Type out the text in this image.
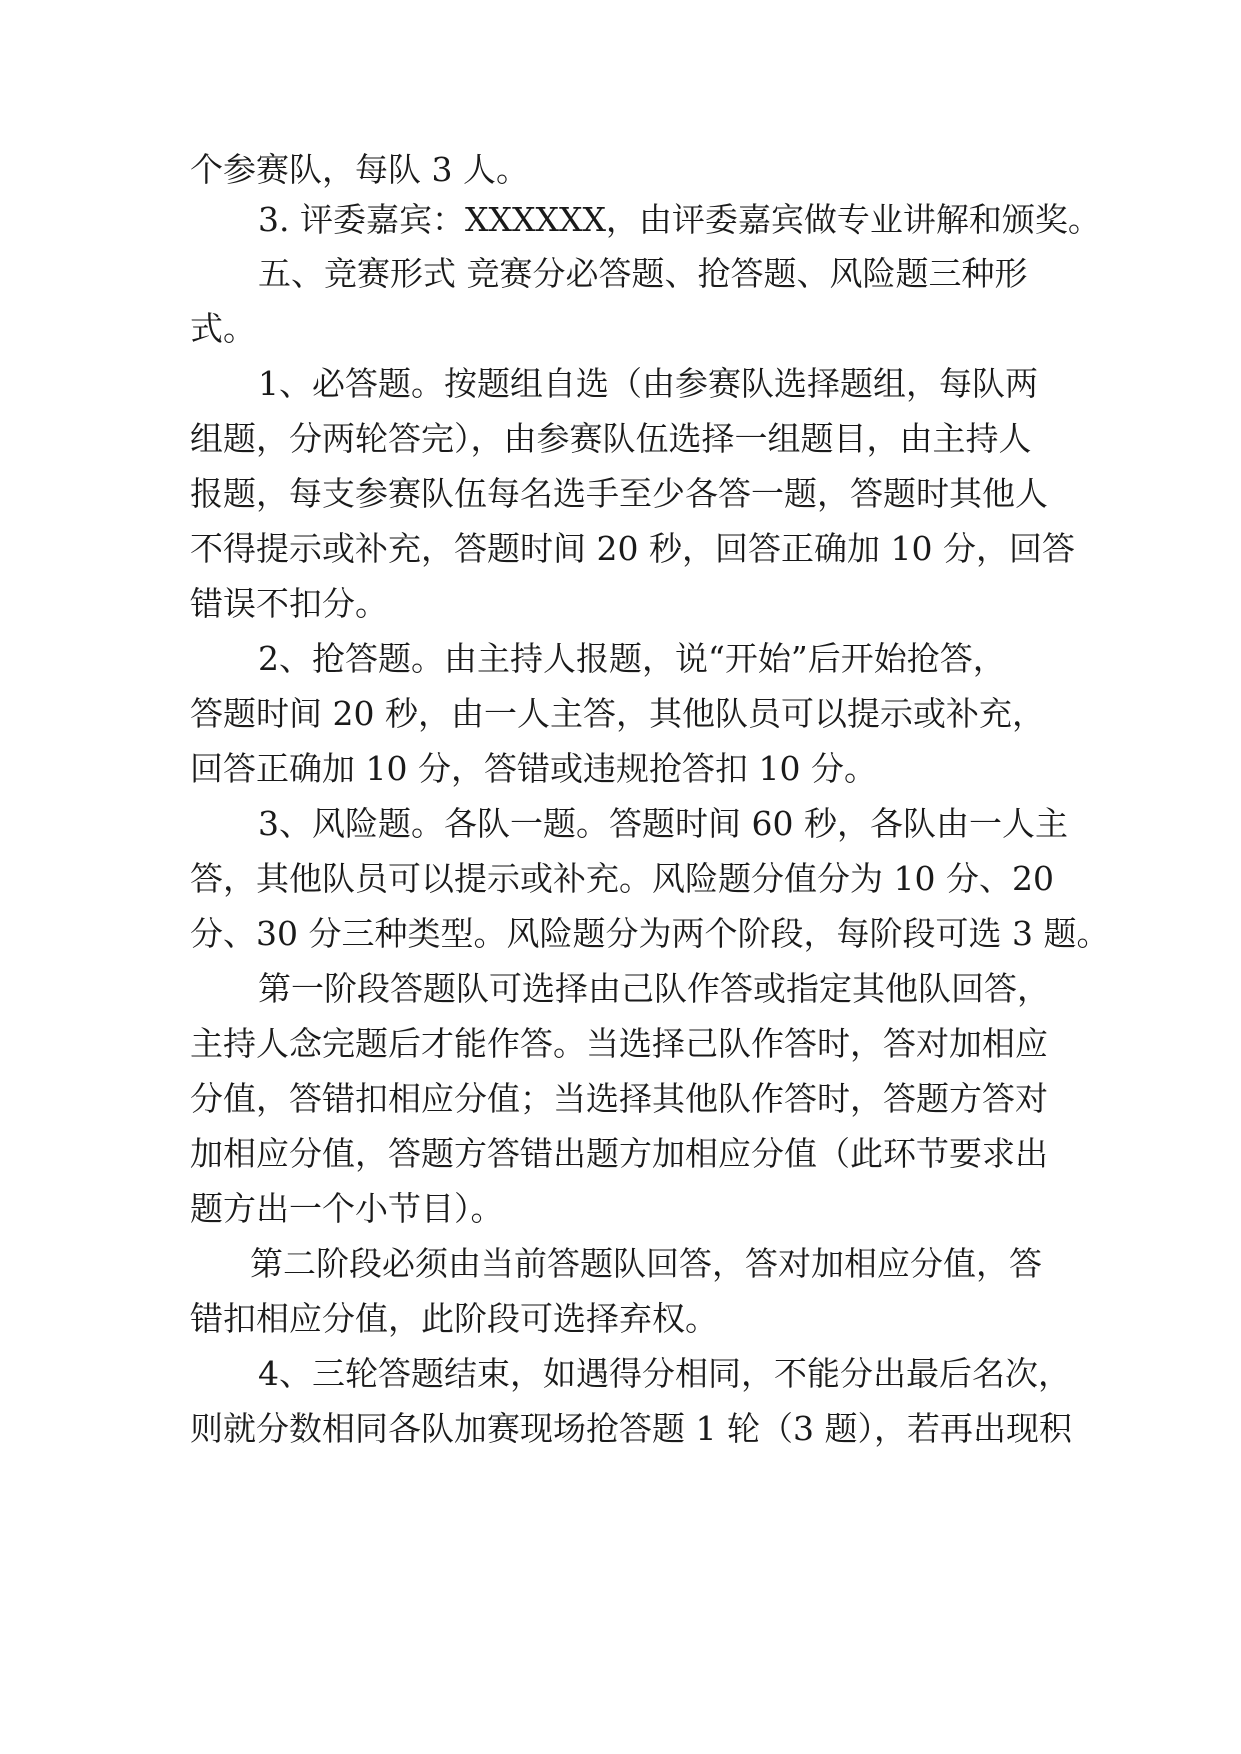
个参赛队，每队 3 人。
3. 评委嘉宾：XXXXXX，由评委嘉宾做专业讲解和颁奖。
五、竞赛形式 竞赛分必答题、抢答题、风险题三种形
式。
1、必答题。按题组自选（由参赛队选择题组，每队两
组题，分两轮答完），由参赛队伍选择一组题目，由主持人
报题，每支参赛队伍每名选手至少各答一题，答题时其他人
不得提示或补充，答题时间 20 秒，回答正确加 10 分，回答
错误不扣分。
2、抢答题。由主持人报题，说“开始”后开始抢答，
答题时间 20 秒，由一人主答，其他队员可以提示或补充，
回答正确加 10 分，答错或违规抢答扣 10 分。
3、风险题。各队一题。答题时间 60 秒，各队由一人主
答，其他队员可以提示或补充。风险题分值分为 10 分、20
分、30 分三种类型。风险题分为两个阶段，每阶段可选 3 题。
第一阶段答题队可选择由己队作答或指定其他队回答，
主持人念完题后才能作答。当选择己队作答时，答对加相应
分值，答错扣相应分值；当选择其他队作答时，答题方答对
加相应分值，答题方答错出题方加相应分值（此环节要求出
题方出一个小节目）。
第二阶段必须由当前答题队回答，答对加相应分值，答
错扣相应分值，此阶段可选择弃权。
4、三轮答题结束，如遇得分相同，不能分出最后名次，
则就分数相同各队加赛现场抢答题 1 轮（3 题），若再出现积
